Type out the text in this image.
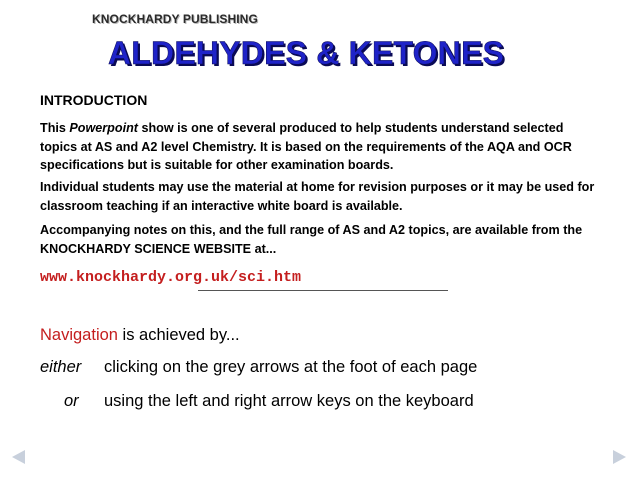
KNOCKHARDY PUBLISHING
ALDEHYDES & KETONES
INTRODUCTION
This Powerpoint show is one of several produced to help students understand selected topics at AS and A2 level Chemistry. It is based on the requirements of the AQA and OCR specifications but is suitable for other examination boards.
Individual students may use the material at home for revision purposes or it may be used for classroom teaching if an interactive white board is available.
Accompanying notes on this, and the full range of AS and A2 topics, are available from the KNOCKHARDY SCIENCE WEBSITE at...
www.knockhardy.org.uk/sci.htm
Navigation is achieved by...
either clicking on the grey arrows at the foot of each page
or using the left and right arrow keys on the keyboard
